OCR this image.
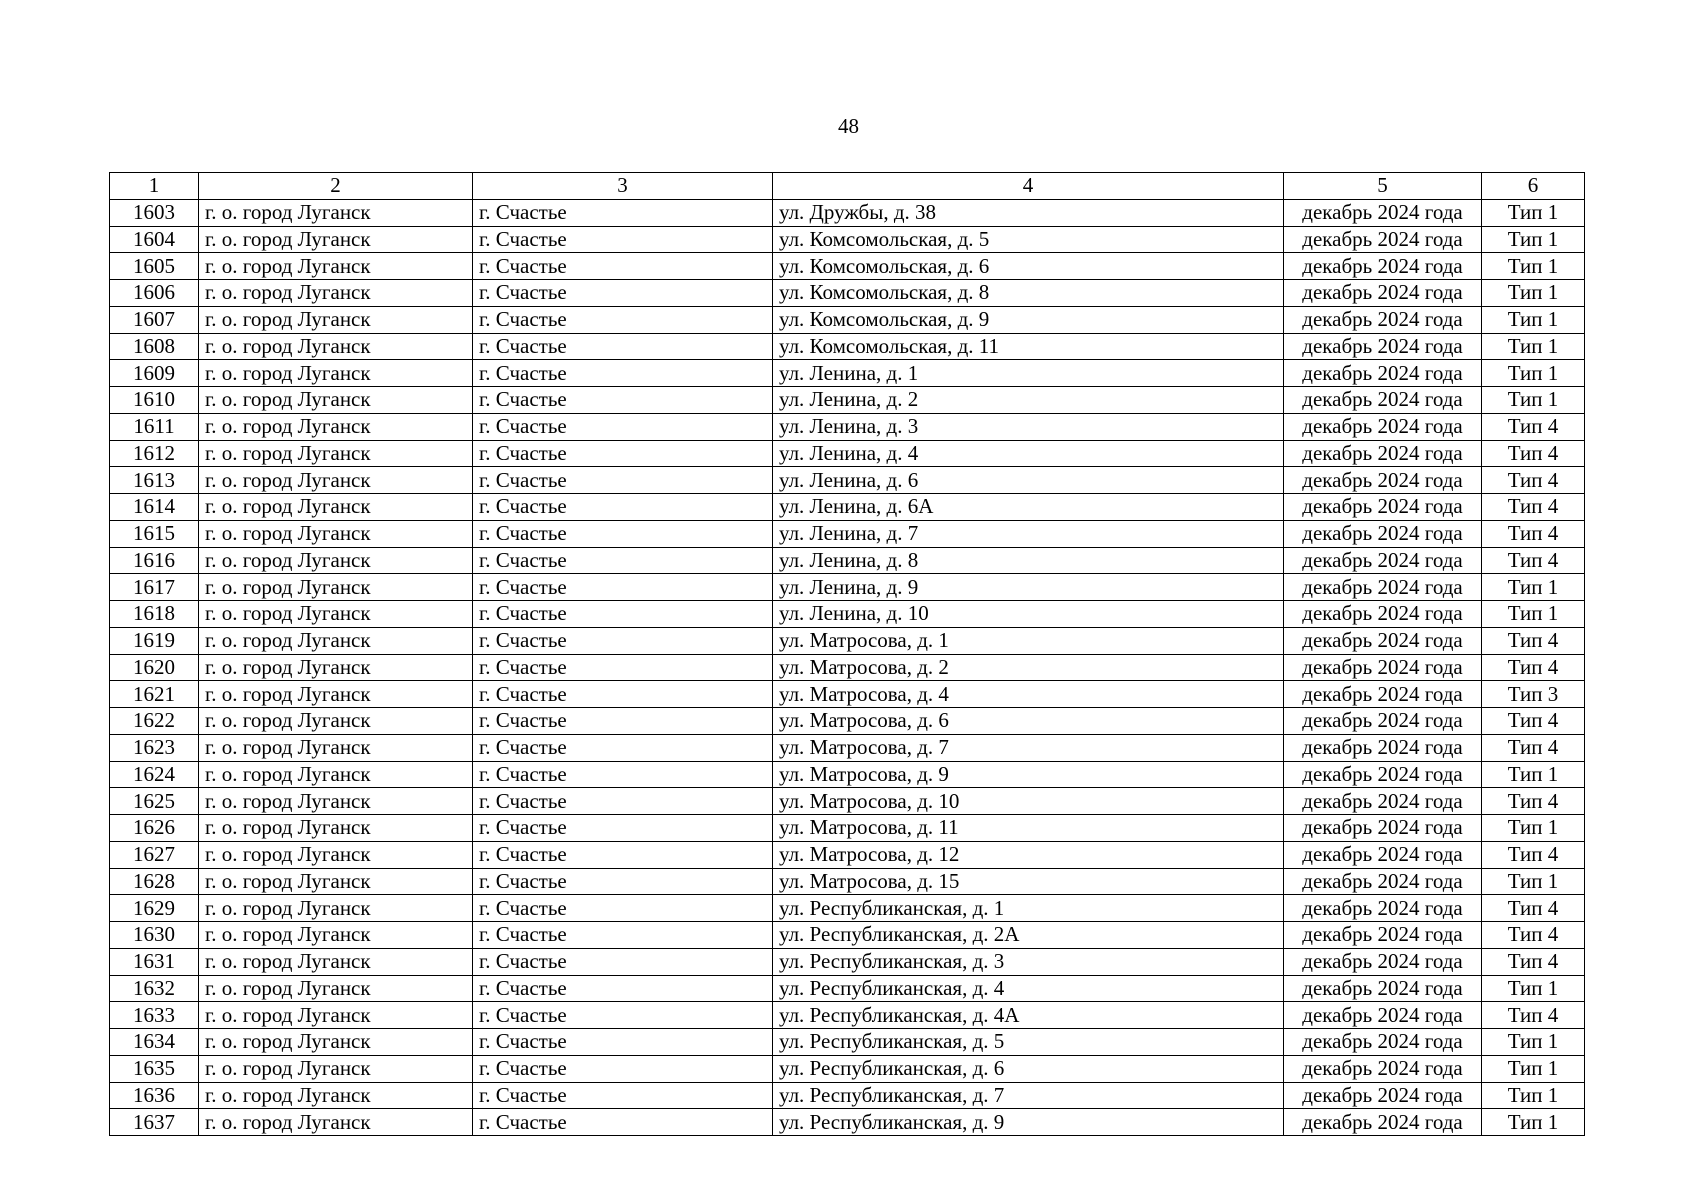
48
1	2	3	4	5	6
1603	г. о. город Луганск	г. Счастье	ул. Дружбы, д. 38	декабрь 2024 года	Тип 1
1604	г. о. город Луганск	г. Счастье	ул. Комсомольская, д. 5	декабрь 2024 года	Тип 1
1605	г. о. город Луганск	г. Счастье	ул. Комсомольская, д. 6	декабрь 2024 года	Тип 1
1606	г. о. город Луганск	г. Счастье	ул. Комсомольская, д. 8	декабрь 2024 года	Тип 1
1607	г. о. город Луганск	г. Счастье	ул. Комсомольская, д. 9	декабрь 2024 года	Тип 1
1608	г. о. город Луганск	г. Счастье	ул. Комсомольская, д. 11	декабрь 2024 года	Тип 1
1609	г. о. город Луганск	г. Счастье	ул. Ленина, д. 1	декабрь 2024 года	Тип 1
1610	г. о. город Луганск	г. Счастье	ул. Ленина, д. 2	декабрь 2024 года	Тип 1
1611	г. о. город Луганск	г. Счастье	ул. Ленина, д. 3	декабрь 2024 года	Тип 4
1612	г. о. город Луганск	г. Счастье	ул. Ленина, д. 4	декабрь 2024 года	Тип 4
1613	г. о. город Луганск	г. Счастье	ул. Ленина, д. 6	декабрь 2024 года	Тип 4
1614	г. о. город Луганск	г. Счастье	ул. Ленина, д. 6А	декабрь 2024 года	Тип 4
1615	г. о. город Луганск	г. Счастье	ул. Ленина, д. 7	декабрь 2024 года	Тип 4
1616	г. о. город Луганск	г. Счастье	ул. Ленина, д. 8	декабрь 2024 года	Тип 4
1617	г. о. город Луганск	г. Счастье	ул. Ленина, д. 9	декабрь 2024 года	Тип 1
1618	г. о. город Луганск	г. Счастье	ул. Ленина, д. 10	декабрь 2024 года	Тип 1
1619	г. о. город Луганск	г. Счастье	ул. Матросова, д. 1	декабрь 2024 года	Тип 4
1620	г. о. город Луганск	г. Счастье	ул. Матросова, д. 2	декабрь 2024 года	Тип 4
1621	г. о. город Луганск	г. Счастье	ул. Матросова, д. 4	декабрь 2024 года	Тип 3
1622	г. о. город Луганск	г. Счастье	ул. Матросова, д. 6	декабрь 2024 года	Тип 4
1623	г. о. город Луганск	г. Счастье	ул. Матросова, д. 7	декабрь 2024 года	Тип 4
1624	г. о. город Луганск	г. Счастье	ул. Матросова, д. 9	декабрь 2024 года	Тип 1
1625	г. о. город Луганск	г. Счастье	ул. Матросова, д. 10	декабрь 2024 года	Тип 4
1626	г. о. город Луганск	г. Счастье	ул. Матросова, д. 11	декабрь 2024 года	Тип 1
1627	г. о. город Луганск	г. Счастье	ул. Матросова, д. 12	декабрь 2024 года	Тип 4
1628	г. о. город Луганск	г. Счастье	ул. Матросова, д. 15	декабрь 2024 года	Тип 1
1629	г. о. город Луганск	г. Счастье	ул. Республиканская, д. 1	декабрь 2024 года	Тип 4
1630	г. о. город Луганск	г. Счастье	ул. Республиканская, д. 2А	декабрь 2024 года	Тип 4
1631	г. о. город Луганск	г. Счастье	ул. Республиканская, д. 3	декабрь 2024 года	Тип 4
1632	г. о. город Луганск	г. Счастье	ул. Республиканская, д. 4	декабрь 2024 года	Тип 1
1633	г. о. город Луганск	г. Счастье	ул. Республиканская, д. 4А	декабрь 2024 года	Тип 4
1634	г. о. город Луганск	г. Счастье	ул. Республиканская, д. 5	декабрь 2024 года	Тип 1
1635	г. о. город Луганск	г. Счастье	ул. Республиканская, д. 6	декабрь 2024 года	Тип 1
1636	г. о. город Луганск	г. Счастье	ул. Республиканская, д. 7	декабрь 2024 года	Тип 1
1637	г. о. город Луганск	г. Счастье	ул. Республиканская, д. 9	декабрь 2024 года	Тип 1
